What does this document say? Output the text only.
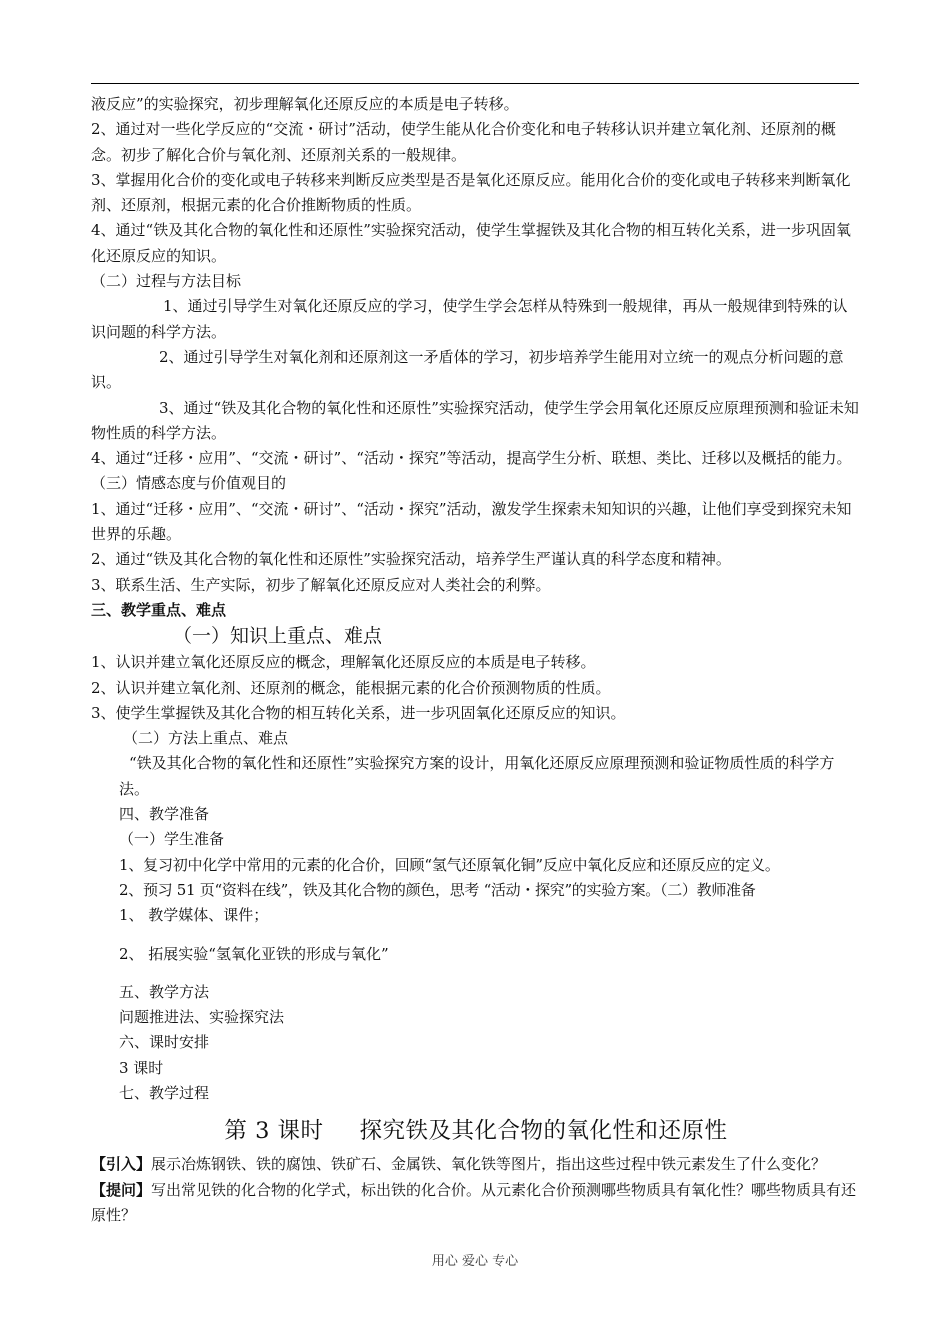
液反应”的实验探究，初步理解氧化还原反应的本质是电子转移。

2、通过对一些化学反应的“交流・研讨”活动，使学生能从化合价变化和电子转移认识并建立氧化剂、还原剂的概念。初步了解化合价与氧化剂、还原剂关系的一般规律。

3、掌握用化合价的变化或电子转移来判断反应类型是否是氧化还原反应。能用化合价的变化或电子转移来判断氧化剂、还原剂，根据元素的化合价推断物质的性质。

4、通过“铁及其化合物的氧化性和还原性”实验探究活动，使学生掌握铁及其化合物的相互转化关系，进一步巩固氧化还原反应的知识。

（二）过程与方法目标

1、通过引导学生对氧化还原反应的学习，使学生学会怎样从特殊到一般规律，再从一般规律到特殊的认识问题的科学方法。

2、通过引导学生对氧化剂和还原剂这一矛盾体的学习，初步培养学生能用对立统一的观点分析问题的意识。

3、通过“铁及其化合物的氧化性和还原性”实验探究活动，使学生学会用氧化还原反应原理预测和验证未知物性质的科学方法。

4、通过“迁移・应用”、“交流・研讨”、“活动・探究”等活动，提高学生分析、联想、类比、迁移以及概括的能力。

（三）情感态度与价值观目的

1、通过“迁移・应用”、“交流・研讨”、“活动・探究”活动，激发学生探索未知知识的兴趣，让他们享受到探究未知世界的乐趣。

2、通过“铁及其化合物的氧化性和还原性”实验探究活动，培养学生严谨认真的科学态度和精神。

3、联系生活、生产实际，初步了解氧化还原反应对人类社会的利弊。

三、教学重点、难点

（一）知识上重点、难点

1、认识并建立氧化还原反应的概念，理解氧化还原反应的本质是电子转移。

2、认识并建立氧化剂、还原剂的概念，能根据元素的化合价预测物质的性质。

3、使学生掌握铁及其化合物的相互转化关系，进一步巩固氧化还原反应的知识。

（二）方法上重点、难点

“铁及其化合物的氧化性和还原性”实验探究方案的设计，用氧化还原反应原理预测和验证物质性质的科学方法。

四、教学准备

（一）学生准备

1、复习初中化学中常用的元素的化合价，回顾“氢气还原氧化铜”反应中氧化反应和还原反应的定义。

2、预习 51 页“资料在线”，铁及其化合物的颜色，思考 “活动・探究”的实验方案。（二）教师准备

1、 教学媒体、课件；

2、 拓展实验“氢氧化亚铁的形成与氧化”

五、教学方法

问题推进法、实验探究法

六、课时安排

3 课时

七、教学过程

第 3 课时 探究铁及其化合物的氧化性和还原性

【引入】展示冶炼钢铁、铁的腐蚀、铁矿石、金属铁、氧化铁等图片，指出这些过程中铁元素发生了什么变化？

【提问】写出常见铁的化合物的化学式，标出铁的化合价。从元素化合价预测哪些物质具有氧化性？哪些物质具有还原性？

用心 爱心 专心
